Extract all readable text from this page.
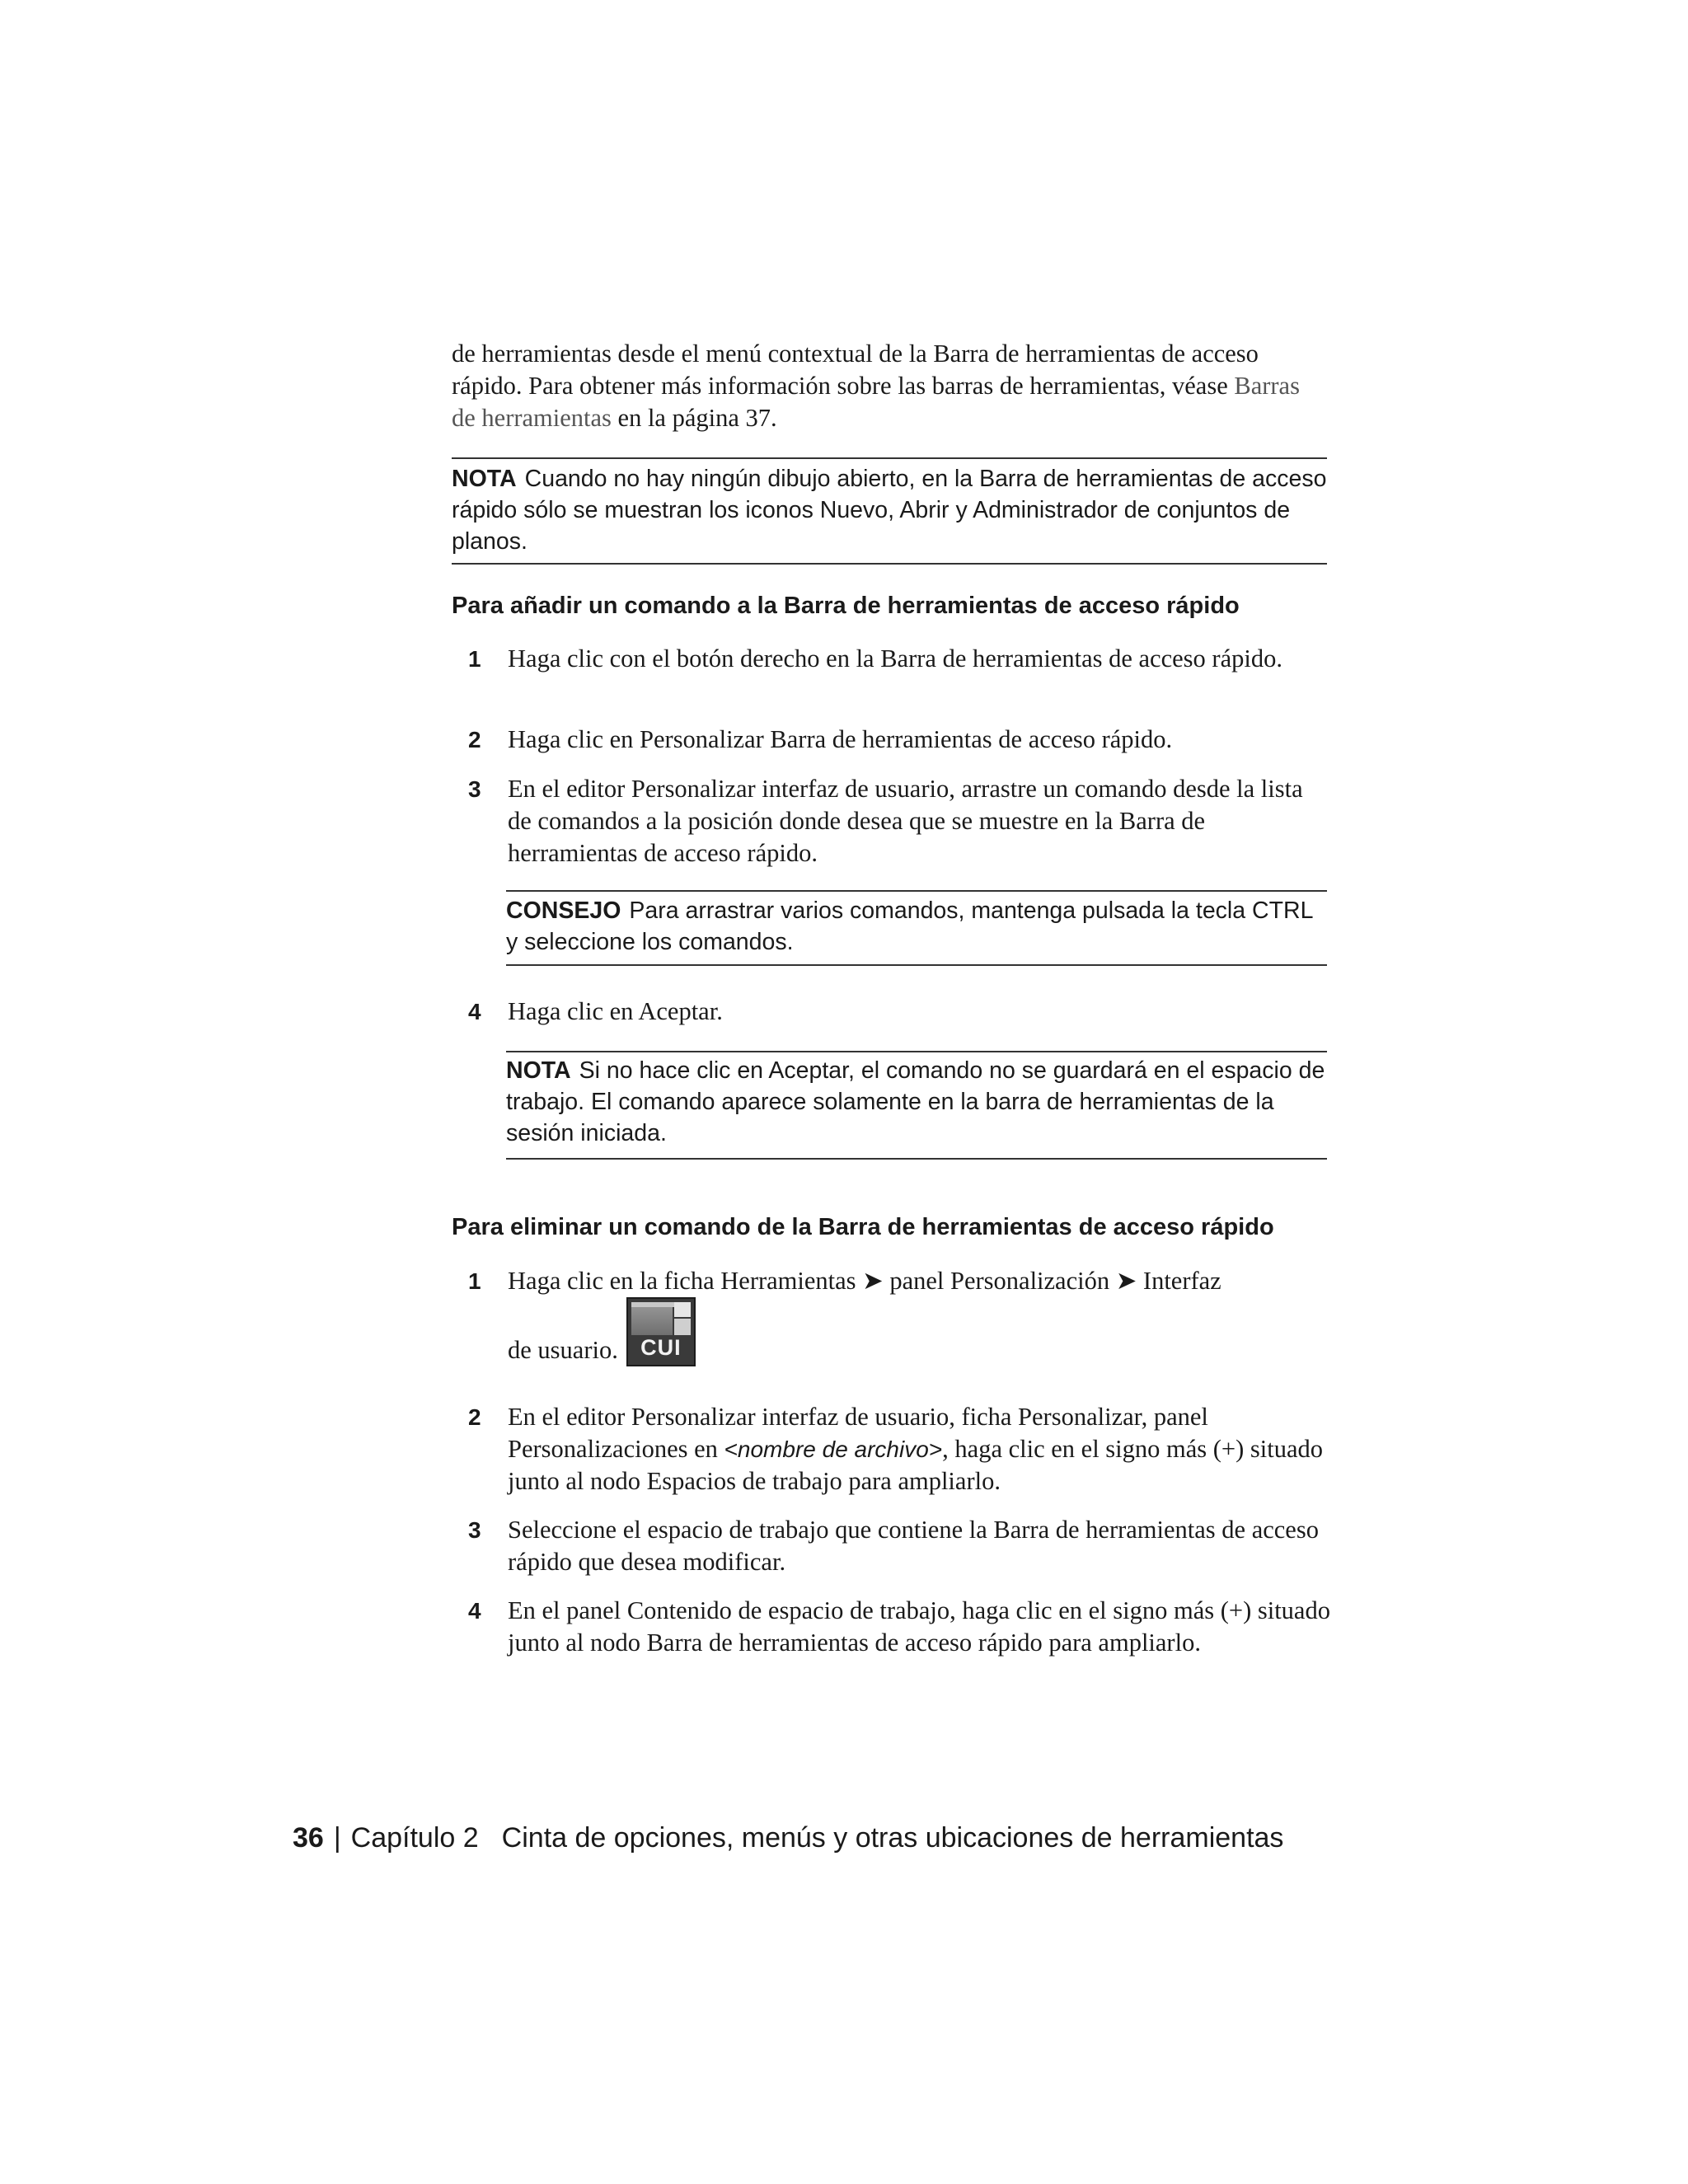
de herramientas desde el menú contextual de la Barra de herramientas de acceso rápido. Para obtener más información sobre las barras de herramientas, véase Barras de herramientas en la página 37.
NOTA Cuando no hay ningún dibujo abierto, en la Barra de herramientas de acceso rápido sólo se muestran los iconos Nuevo, Abrir y Administrador de conjuntos de planos.
Para añadir un comando a la Barra de herramientas de acceso rápido
1 Haga clic con el botón derecho en la Barra de herramientas de acceso rápido.
2 Haga clic en Personalizar Barra de herramientas de acceso rápido.
3 En el editor Personalizar interfaz de usuario, arrastre un comando desde la lista de comandos a la posición donde desea que se muestre en la Barra de herramientas de acceso rápido.
CONSEJO Para arrastrar varios comandos, mantenga pulsada la tecla CTRL y seleccione los comandos.
4 Haga clic en Aceptar.
NOTA Si no hace clic en Aceptar, el comando no se guardará en el espacio de trabajo. El comando aparece solamente en la barra de herramientas de la sesión iniciada.
Para eliminar un comando de la Barra de herramientas de acceso rápido
1 Haga clic en la ficha Herramientas ➤ panel Personalización ➤ Interfaz
de usuario.	CUI
2 En el editor Personalizar interfaz de usuario, ficha Personalizar, panel Personalizaciones en <nombre de archivo>, haga clic en el signo más (+) situado junto al nodo Espacios de trabajo para ampliarlo.
3 Seleccione el espacio de trabajo que contiene la Barra de herramientas de acceso rápido que desea modificar.
4 En el panel Contenido de espacio de trabajo, haga clic en el signo más (+) situado junto al nodo Barra de herramientas de acceso rápido para ampliarlo.
36 | Capítulo 2 Cinta de opciones, menús y otras ubicaciones de herramientas
